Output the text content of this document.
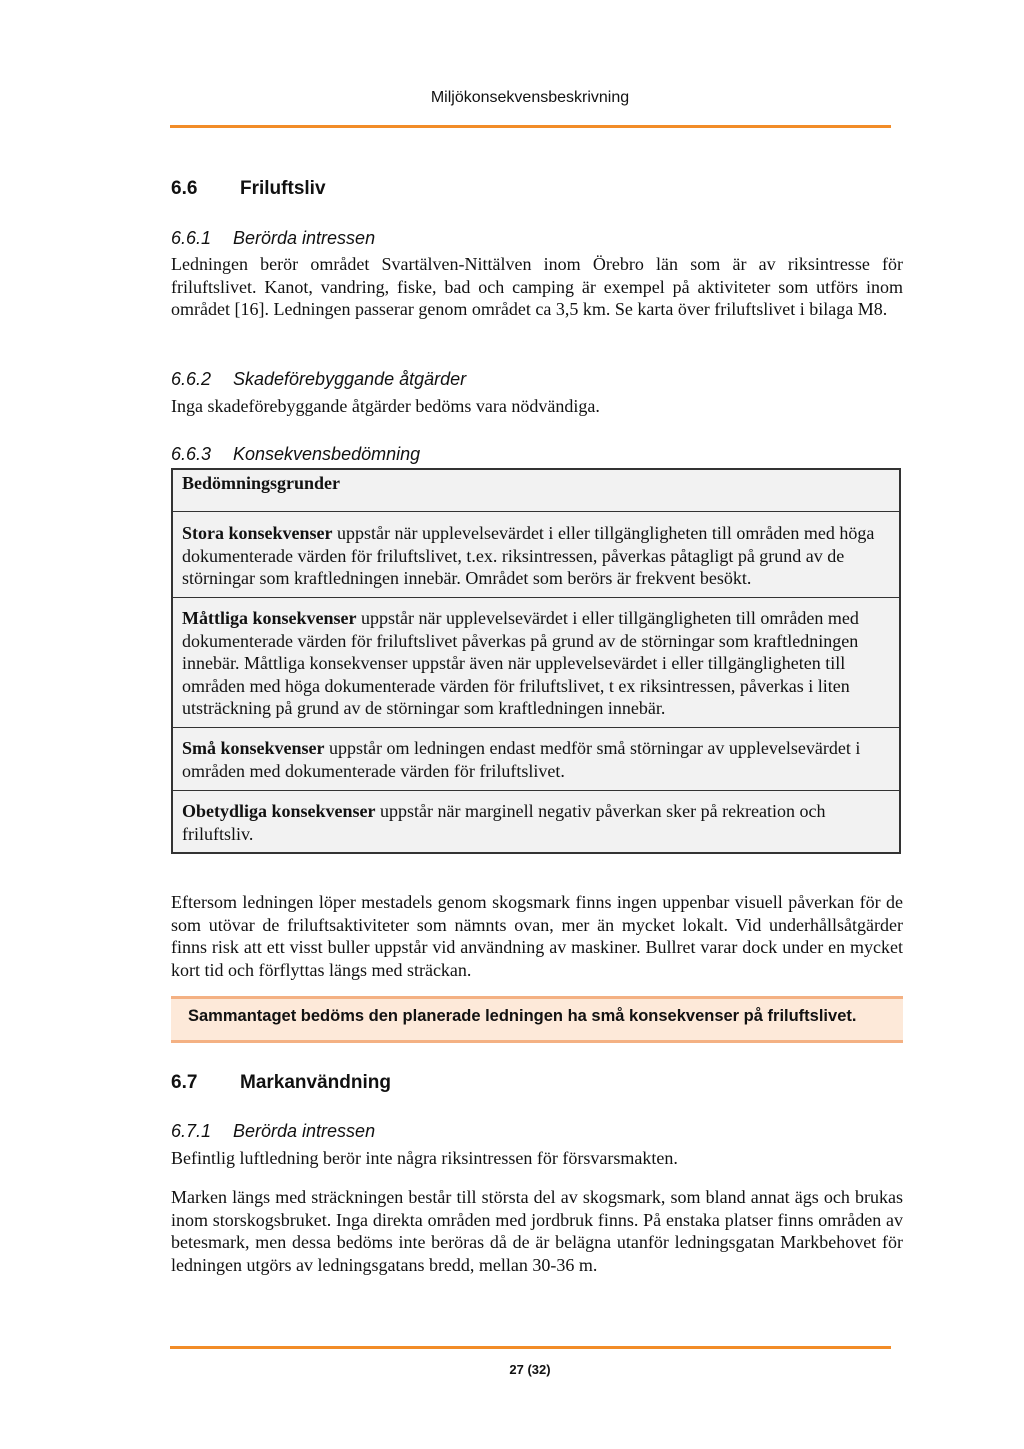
Miljökonsekvensbeskrivning
6.6 Friluftsliv
6.6.1 Berörda intressen
Ledningen berör området Svartälven-Nittälven inom Örebro län som är av riksintresse för friluftslivet. Kanot, vandring, fiske, bad och camping är exempel på aktiviteter som utförs inom området [16]. Ledningen passerar genom området ca 3,5 km. Se karta över friluftslivet i bilaga M8.
6.6.2 Skadeförebyggande åtgärder
Inga skadeförebyggande åtgärder bedöms vara nödvändiga.
6.6.3 Konsekvensbedömning
Bedömningsgrunder
Stora konsekvenser uppstår när upplevelsevärdet i eller tillgängligheten till områden med höga dokumenterade värden för friluftslivet, t.ex. riksintressen, påverkas påtagligt på grund av de störningar som kraftledningen innebär. Området som berörs är frekvent besökt.
Måttliga konsekvenser uppstår när upplevelsevärdet i eller tillgängligheten till områden med dokumenterade värden för friluftslivet påverkas på grund av de störningar som kraftledningen innebär. Måttliga konsekvenser uppstår även när upplevelsevärdet i eller tillgängligheten till områden med höga dokumenterade värden för friluftslivet, t ex riksintressen, påverkas i liten utsträckning på grund av de störningar som kraftledningen innebär.
Små konsekvenser uppstår om ledningen endast medför små störningar av upplevelsevärdet i områden med dokumenterade värden för friluftslivet.
Obetydliga konsekvenser uppstår när marginell negativ påverkan sker på rekreation och friluftsliv.
Eftersom ledningen löper mestadels genom skogsmark finns ingen uppenbar visuell påverkan för de som utövar de friluftsaktiviteter som nämnts ovan, mer än mycket lokalt. Vid underhållsåtgärder finns risk att ett visst buller uppstår vid användning av maskiner. Bullret varar dock under en mycket kort tid och förflyttas längs med sträckan.
Sammantaget bedöms den planerade ledningen ha små konsekvenser på friluftslivet.
6.7 Markanvändning
6.7.1 Berörda intressen
Befintlig luftledning berör inte några riksintressen för försvarsmakten.
Marken längs med sträckningen består till största del av skogsmark, som bland annat ägs och brukas inom storskogsbruket. Inga direkta områden med jordbruk finns. På enstaka platser finns områden av betesmark, men dessa bedöms inte beröras då de är belägna utanför ledningsgatan Markbehovet för ledningen utgörs av ledningsgatans bredd, mellan 30-36 m.
27 (32)
